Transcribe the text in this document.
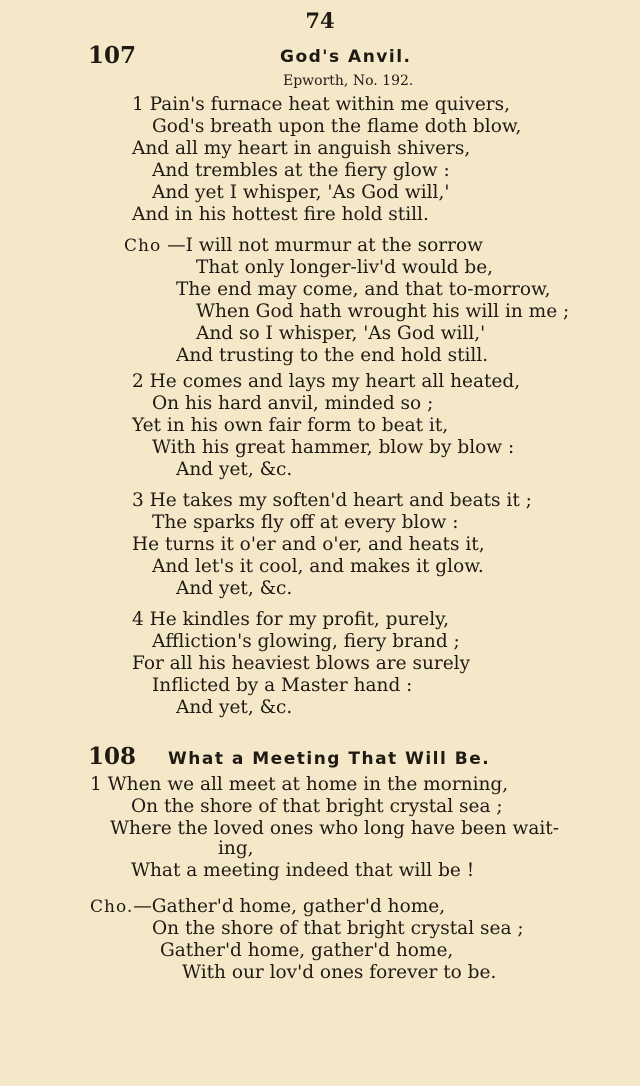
74
107	God's Anvil.
Epworth, No. 192.
1 Pain's furnace heat within me quivers,
God's breath upon the flame doth blow,
And all my heart in anguish shivers,
And trembles at the fiery glow :
And yet I whisper, 'As God will,'
And in his hottest fire hold still.
Cho —I will not murmur at the sorrow
That only longer-liv'd would be,
The end may come, and that to-morrow,
When God hath wrought his will in me ;
And so I whisper, 'As God will,'
And trusting to the end hold still.
2 He comes and lays my heart all heated,
On his hard anvil, minded so ;
Yet in his own fair form to beat it,
With his great hammer, blow by blow :
And yet, &c.
3 He takes my soften'd heart and beats it ;
The sparks fly off at every blow :
He turns it o'er and o'er, and heats it,
And let's it cool, and makes it glow.
And yet, &c.
4 He kindles for my profit, purely,
Affliction's glowing, fiery brand ;
For all his heaviest blows are surely
Inflicted by a Master hand :
And yet, &c.
108 What a Meeting That Will Be.
1 When we all meet at home in the morning,
On the shore of that bright crystal sea ;
Where the loved ones who long have been wait-
ing,
What a meeting indeed that will be !
Cho.—Gather'd home, gather'd home,
On the shore of that bright crystal sea ;
Gather'd home, gather'd home,
With our lov'd ones forever to be.
